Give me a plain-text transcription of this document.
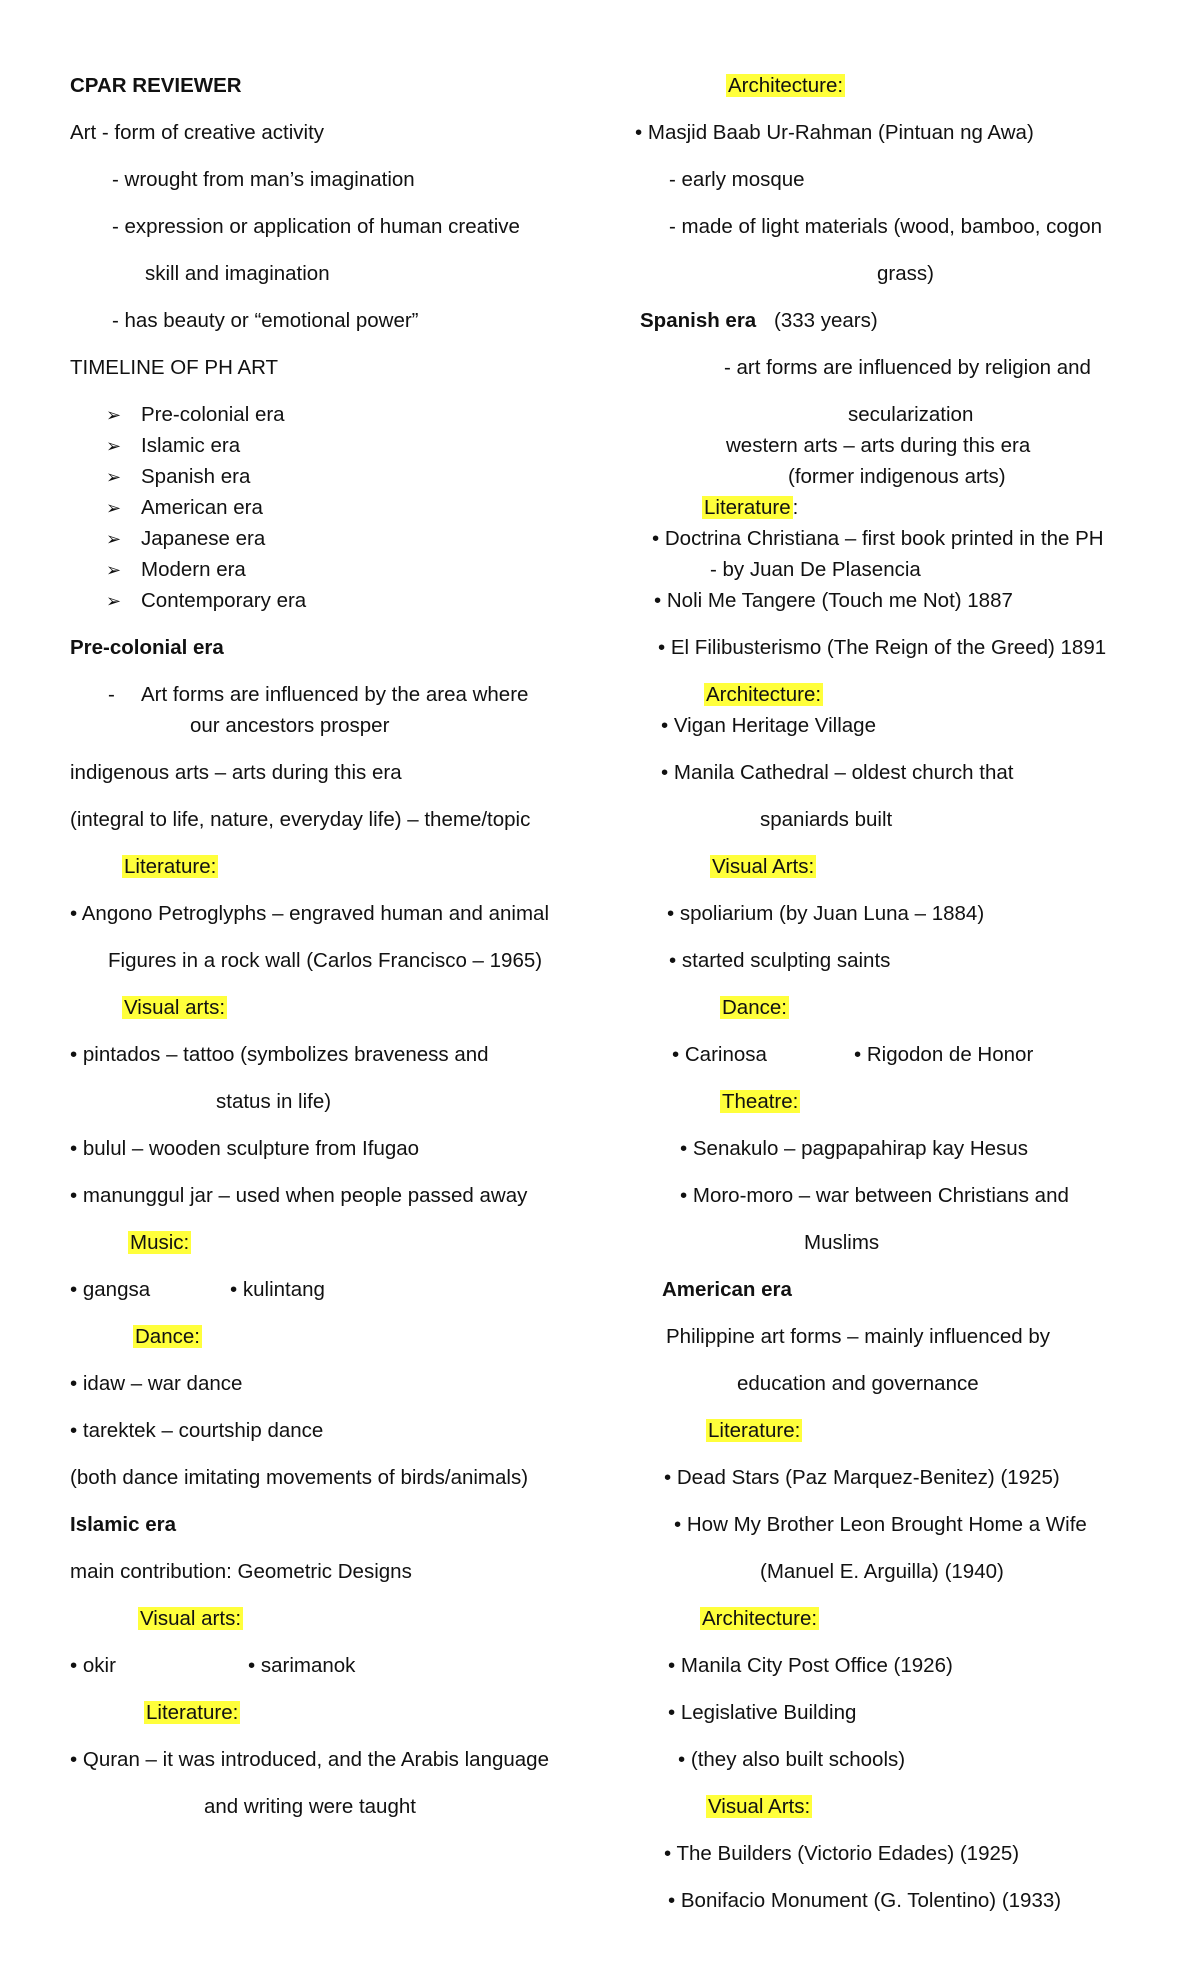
CPAR REVIEWER
Art - form of creative activity
- wrought from man’s imagination
- expression or application of human creative
skill and imagination
- has beauty or “emotional power”
TIMELINE OF PH ART
➢ Pre-colonial era
➢ Islamic era
➢ Spanish era
➢ American era
➢ Japanese era
➢ Modern era
➢ Contemporary era
Pre-colonial era
- Art forms are influenced by the area where
our ancestors prosper
indigenous arts – arts during this era
(integral to life, nature, everyday life) – theme/topic
Literature:
• Angono Petroglyphs – engraved human and animal
Figures in a rock wall (Carlos Francisco – 1965)
Visual arts:
• pintados – tattoo (symbolizes braveness and
status in life)
• bulul – wooden sculpture from Ifugao
• manunggul jar – used when people passed away
Music:
• gangsa	• kulintang
Dance:
• idaw – war dance
• tarektek – courtship dance
(both dance imitating movements of birds/animals)
Islamic era
main contribution: Geometric Designs
Visual arts:
• okir	• sarimanok
Literature:
• Quran – it was introduced, and the Arabis language
and writing were taught
Architecture:
• Masjid Baab Ur-Rahman (Pintuan ng Awa)
- early mosque
- made of light materials (wood, bamboo, cogon
grass)
Spanish era (333 years)
- art forms are influenced by religion and
secularization
western arts – arts during this era
(former indigenous arts)
Literature:
• Doctrina Christiana – first book printed in the PH
- by Juan De Plasencia
• Noli Me Tangere (Touch me Not) 1887
• El Filibusterismo (The Reign of the Greed) 1891
Architecture:
• Vigan Heritage Village
• Manila Cathedral – oldest church that
spaniards built
Visual Arts:
• spoliarium (by Juan Luna – 1884)
• started sculpting saints
Dance:
• Carinosa	• Rigodon de Honor
Theatre:
• Senakulo – pagpapahirap kay Hesus
• Moro-moro – war between Christians and
Muslims
American era
Philippine art forms – mainly influenced by
education and governance
Literature:
• Dead Stars (Paz Marquez-Benitez) (1925)
• How My Brother Leon Brought Home a Wife
(Manuel E. Arguilla) (1940)
Architecture:
• Manila City Post Office (1926)
• Legislative Building
• (they also built schools)
Visual Arts:
• The Builders (Victorio Edades) (1925)
• Bonifacio Monument (G. Tolentino) (1933)
